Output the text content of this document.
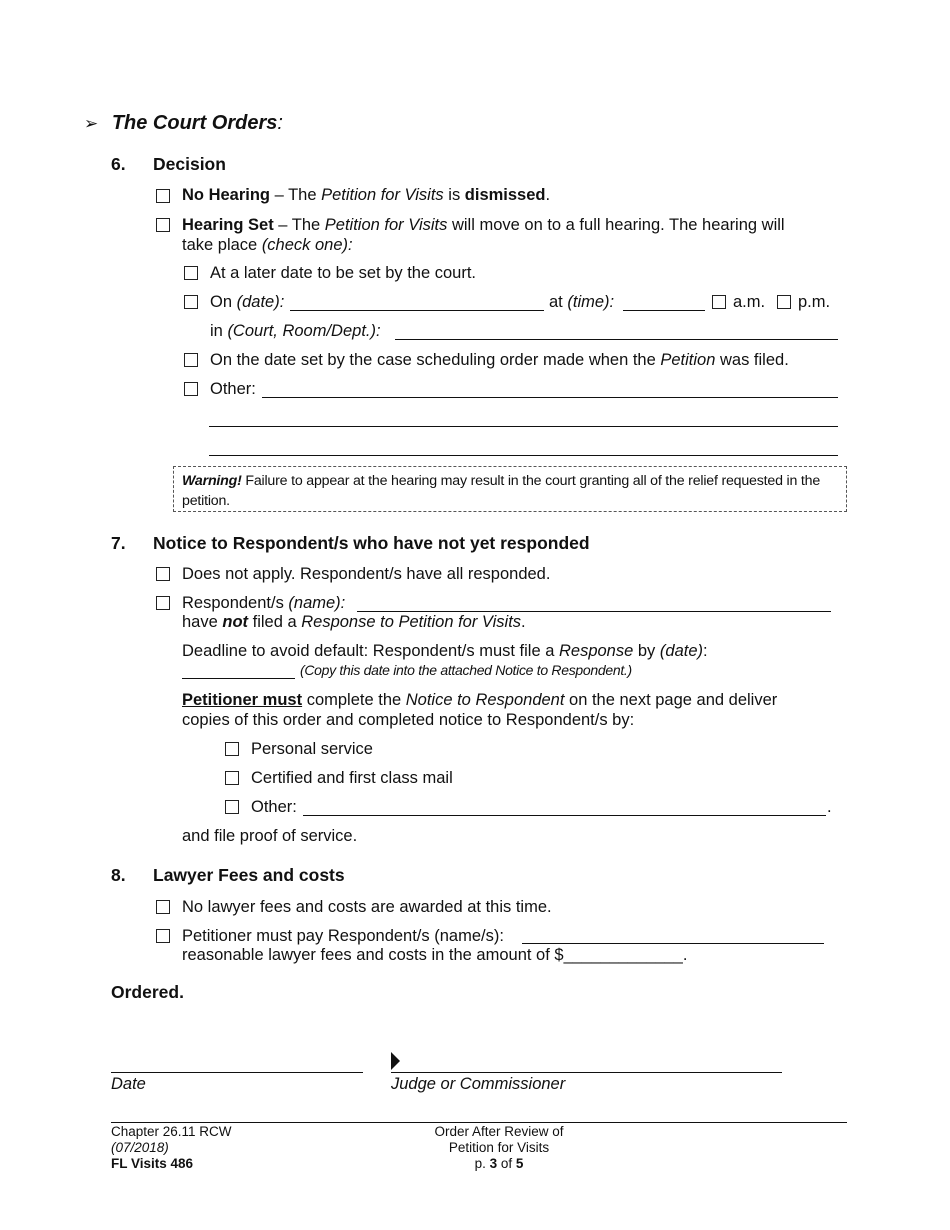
➢ The Court Orders:
6. Decision
No Hearing – The Petition for Visits is dismissed.
Hearing Set – The Petition for Visits will move on to a full hearing. The hearing will
take place (check one):
At a later date to be set by the court.
On (date):	at (time):	a.m. p.m.
in (Court, Room/Dept.):
On the date set by the case scheduling order made when the Petition was filed.
Other:
Warning! Failure to appear at the hearing may result in the court granting all of the relief requested in the petition.
7. Notice to Respondent/s who have not yet responded
Does not apply. Respondent/s have all responded.
Respondent/s (name):
have not filed a Response to Petition for Visits.
Deadline to avoid default: Respondent/s must file a Response by (date):
(Copy this date into the attached Notice to Respondent.)
Petitioner must complete the Notice to Respondent on the next page and deliver
copies of this order and completed notice to Respondent/s by:
Personal service
Certified and first class mail
Other:	.
and file proof of service.
8. Lawyer Fees and costs
No lawyer fees and costs are awarded at this time.
Petitioner must pay Respondent/s (name/s):
reasonable lawyer fees and costs in the amount of $_____________.
Ordered.
Date	Judge or Commissioner
Chapter 26.11 RCW
(07/2018)
FL Visits 486
Order After Review of
Petition for Visits
p. 3 of 5
